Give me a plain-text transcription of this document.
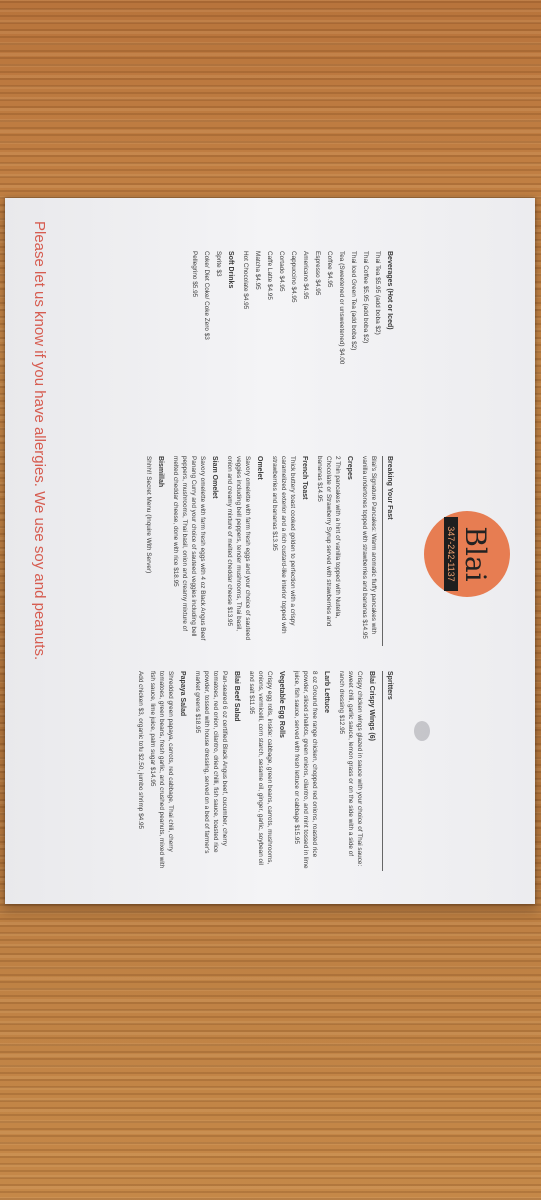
Blai
347-242-1137
Beverages (Hot or Iced)
Thai Tea $5.95 (add boba $2)
Thai Coffee $5.95 (add boba $2)
Thai Iced Green Tea (add boba $2)
Tea (Sweetened or unsweetened) $4.00
Coffee $4.95
Espresso $4.95
Americano $4.95
Cappuccino $4.95
Cortado $4.95
Caffe Latte $4.95
Matcha $4.95
Hot Chocolate $4.95
Soft Drinks
Sprite $3
Coke/ Diet Coke/ Coke Zero $3
Pellegrino $5.95
Breaking Your Fast
Blai's Signature Pancakes: Warm aromatic fluffy pancakes with vanilla undertones topped with strawberries and bananas $14.95
Crepes
2 Thin pancakes with a hint of vanilla topped with Nutella, Chocolate or Strawberry Syrup served with strawberries and bananas $14.95
French Toast
Thick buttery toast cooked golden to perfection with a crispy caramelized exterior and a rich custard-like interior topped with strawberries and bananas $13.95
Omelet
Savory omelette with farm fresh eggs and your choice of sauteed veggies including bell peppers, tender mushrooms, Thai basil, onion and creamy mixture of melted cheddar cheese $13.95
Siam Omelet
Savory omelette with farm fresh eggs with 4 oz Black Angus Beef Panang Curry and your choice of sauteed veggies including bell peppers, mushrooms, Thai basil, onion and creamy mixture of melted cheddar cheese, done with rice $18.95
Bismillah
Shhh!! Secret Menu (Inquire With Server)
Spritters
Blai Crispy Wings (6)
Crispy chicken wings glazed in sauce with your choice of Thai sauce: sweet chili, garlic sauce, lemon grass or on the side with a side of ranch dressing $12.95
Larb Lettuce
8 oz Ground free range chicken, chopped red onions, roasted rice powder, sliced shallots, green onions, cilantro, and mint tossed in lime juice, fish sauce, served with fresh lettuce or cabbage $15.95
Vegetable Egg Rolls
Crispy egg rolls, inside: cabbage, green beans, carrots, mushrooms, onions, vermicelli, corn starch, sesame oil, ginger, garlic, soybean oil and salt $11.95
Blai Beef Salad
Pan-seared 6 oz certified Black Angus beef, cucumber, cherry tomatoes, red onion, cilantro, dried chilli, fish sauce, toasted rice powder, tossed with house dressing, served on a bed of farmer's market greens $18.95
Papaya Salad
Shredded green papaya, carrots, red cabbage, Thai chili, cherry tomatoes, green beans, fresh garlic, and crushed peanuts, mixed with fish sauce, lime juice, palm sugar $14.95
Add chicken $3, organic tofu $2.50, jumbo shrimp $4.95
Please let us know if you have allergies. We use soy and peanuts.
